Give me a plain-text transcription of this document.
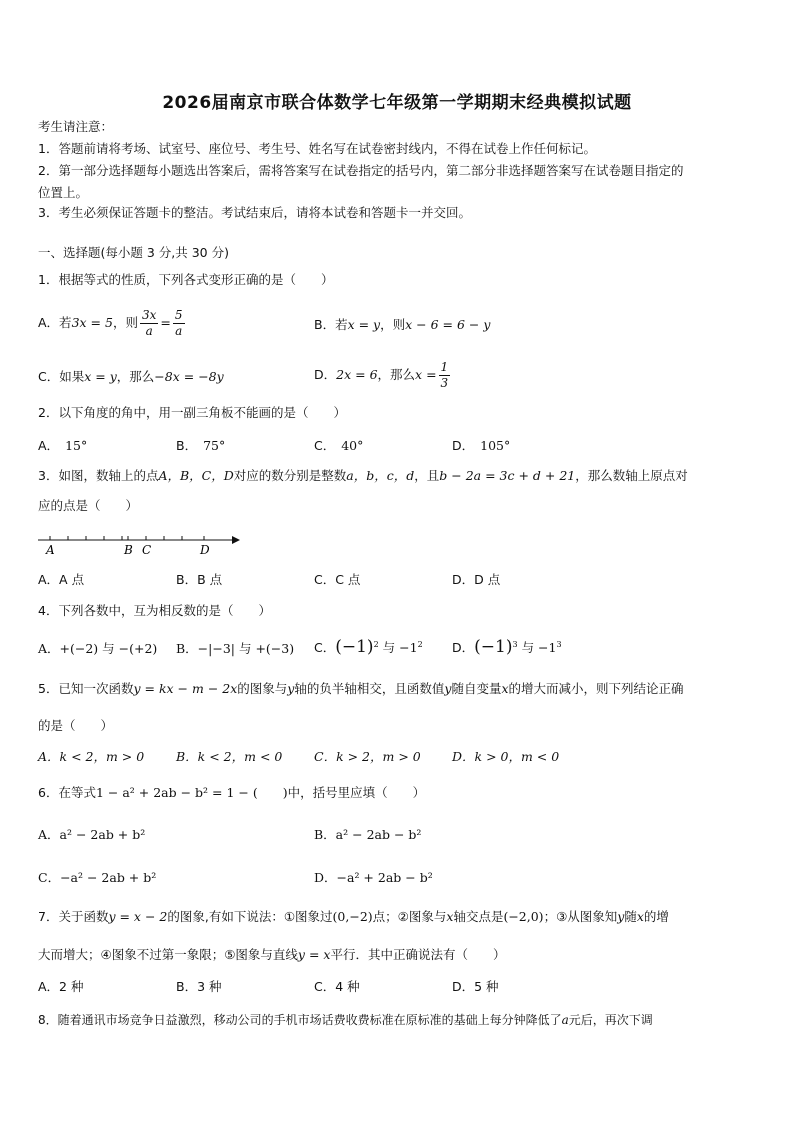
2026届南京市联合体数学七年级第一学期期末经典模拟试题
考生请注意：
1．答题前请将考场、试室号、座位号、考生号、姓名写在试卷密封线内，不得在试卷上作任何标记。
2．第一部分选择题每小题选出答案后，需将答案写在试卷指定的括号内，第二部分非选择题答案写在试卷题目指定的
位置上。
3．考生必须保证答题卡的整洁。考试结束后，请将本试卷和答题卡一并交回。
一、选择题(每小题 3 分,共 30 分)
1．根据等式的性质，下列各式变形正确的是（　　）
A．若3x = 5，则 $\frac{3x}{a} = \frac{5}{a}$	B．若x = y，则x − 6 = 6 − y
C．如果x = y，那么−8x = −8y	D．2x = 6，那么$x = \frac{1}{3}$
2．以下角度的角中，用一副三角板不能画的是（　　）
A． 15°	B． 75°	C． 40°	D． 105°
3．如图，数轴上的点A，B，C，D对应的数分别是整数a，b，c，d，且b − 2a = 3c + d + 21，那么数轴上原点对
应的点是（　　）
A	B C	D
A．A 点	B．B 点	C．C 点	D．D 点
4．下列各数中，互为相反数的是（　　）
A．+(−2) 与 −(+2) B．−|−3| 与 +(−3) C．$(-1)^2$ 与 $-1^2$ D．$(-1)^3$ 与 $-1^3$
5．已知一次函数y = kx − m − 2x的图象与y轴的负半轴相交，且函数值y随自变量x的增大而减小，则下列结论正确
的是（　　）
A．k < 2，m > 0	B．k < 2，m < 0	C．k > 2，m > 0	D．k > 0，m < 0
6．在等式1 − a² + 2ab − b² = 1 − (　　)中，括号里应填（　　）
A．a² − 2ab + b²	B．a² − 2ab − b²
C．−a² − 2ab + b²	D．−a² + 2ab − b²
7．关于函数y = x − 2的图象,有如下说法：①图象过(0,−2)点；②图象与x轴交点是(−2,0)；③从图象知y随x的增
大而增大；④图象不过第一象限；⑤图象与直线y = x平行．其中正确说法有（　　）
A．2 种	B．3 种	C．4 种	D．5 种
8．随着通讯市场竞争日益激烈，移动公司的手机市场话费收费标准在原标准的基础上每分钟降低了a元后，再次下调
